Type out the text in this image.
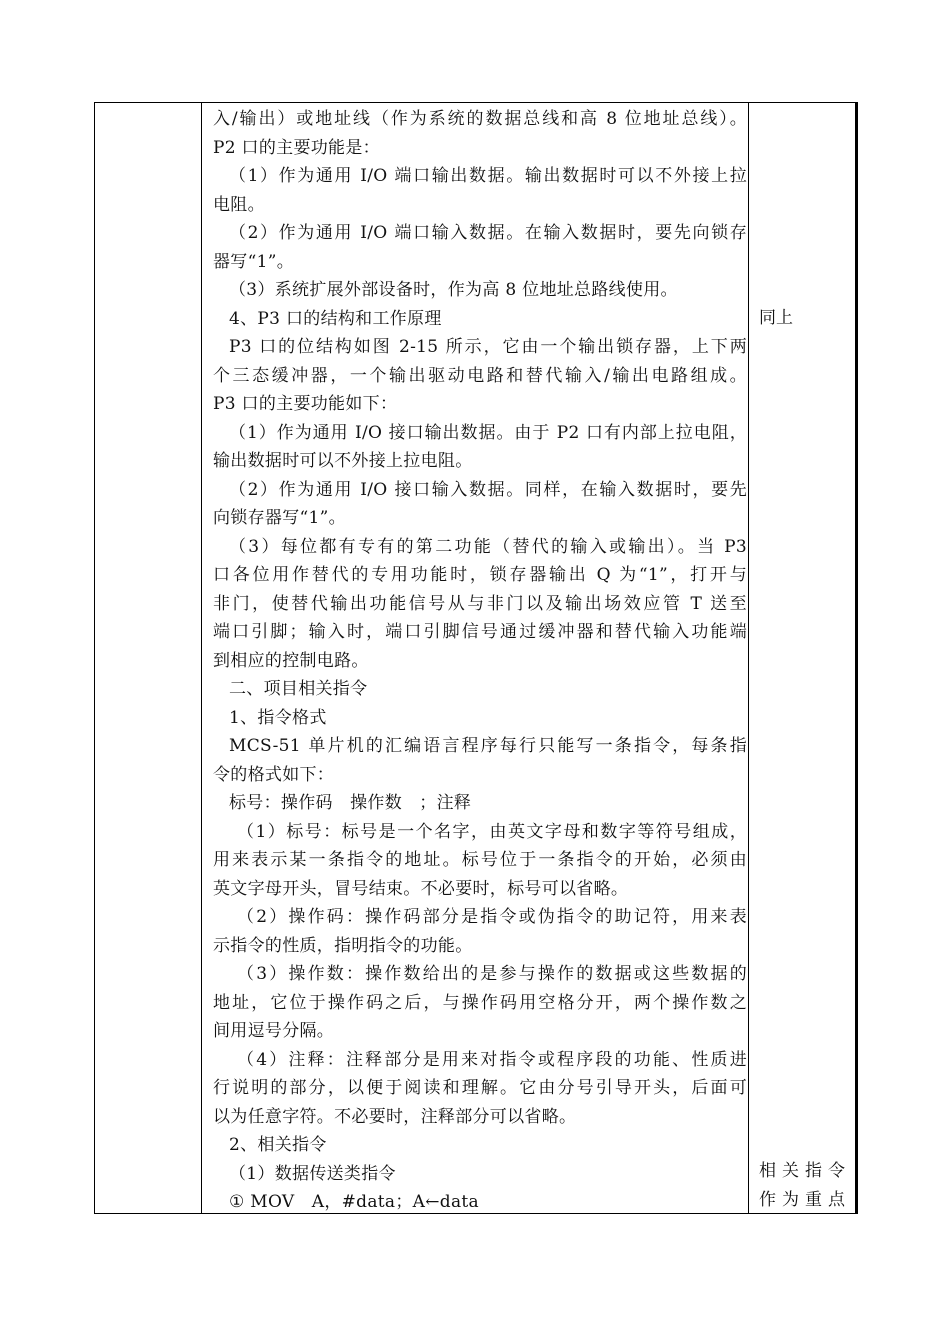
入/输出）或地址线（作为系统的数据总线和高 8 位地址总线）。
P2 口的主要功能是：
（1）作为通用 I/O 端口输出数据。输出数据时可以不外接上拉
电阻。
（2）作为通用 I/O 端口输入数据。在输入数据时，要先向锁存
器写“1”。
（3）系统扩展外部设备时，作为高 8 位地址总路线使用。
4、P3 口的结构和工作原理
P3 口的位结构如图 2-15 所示，它由一个输出锁存器，上下两
个三态缓冲器，一个输出驱动电路和替代输入/输出电路组成。
P3 口的主要功能如下：
（1）作为通用 I/O 接口输出数据。由于 P2 口有内部上拉电阻，
输出数据时可以不外接上拉电阻。
（2）作为通用 I/O 接口输入数据。同样，在输入数据时，要先
向锁存器写“1”。
（3）每位都有专有的第二功能（替代的输入或输出）。当 P3
口各位用作替代的专用功能时，锁存器输出 Q 为“1”，打开与
非门，使替代输出功能信号从与非门以及输出场效应管 T 送至
端口引脚；输入时，端口引脚信号通过缓冲器和替代输入功能端
到相应的控制电路。
二、项目相关指令
1、指令格式
MCS-51 单片机的汇编语言程序每行只能写一条指令，每条指
令的格式如下：
标号：操作码　操作数　；注释
（1）标号：标号是一个名字，由英文字母和数字等符号组成，
用来表示某一条指令的地址。标号位于一条指令的开始，必须由
英文字母开头，冒号结束。不必要时，标号可以省略。
（2）操作码：操作码部分是指令或伪指令的助记符，用来表
示指令的性质，指明指令的功能。
（3）操作数：操作数给出的是参与操作的数据或这些数据的
地址，它位于操作码之后，与操作码用空格分开，两个操作数之
间用逗号分隔。
（4）注释：注释部分是用来对指令或程序段的功能、性质进
行说明的部分，以便于阅读和理解。它由分号引导开头，后面可
以为任意字符。不必要时，注释部分可以省略。
2、相关指令
（1）数据传送类指令
① MOV　A，#data；A←data
同上
相关指令
作为重点
